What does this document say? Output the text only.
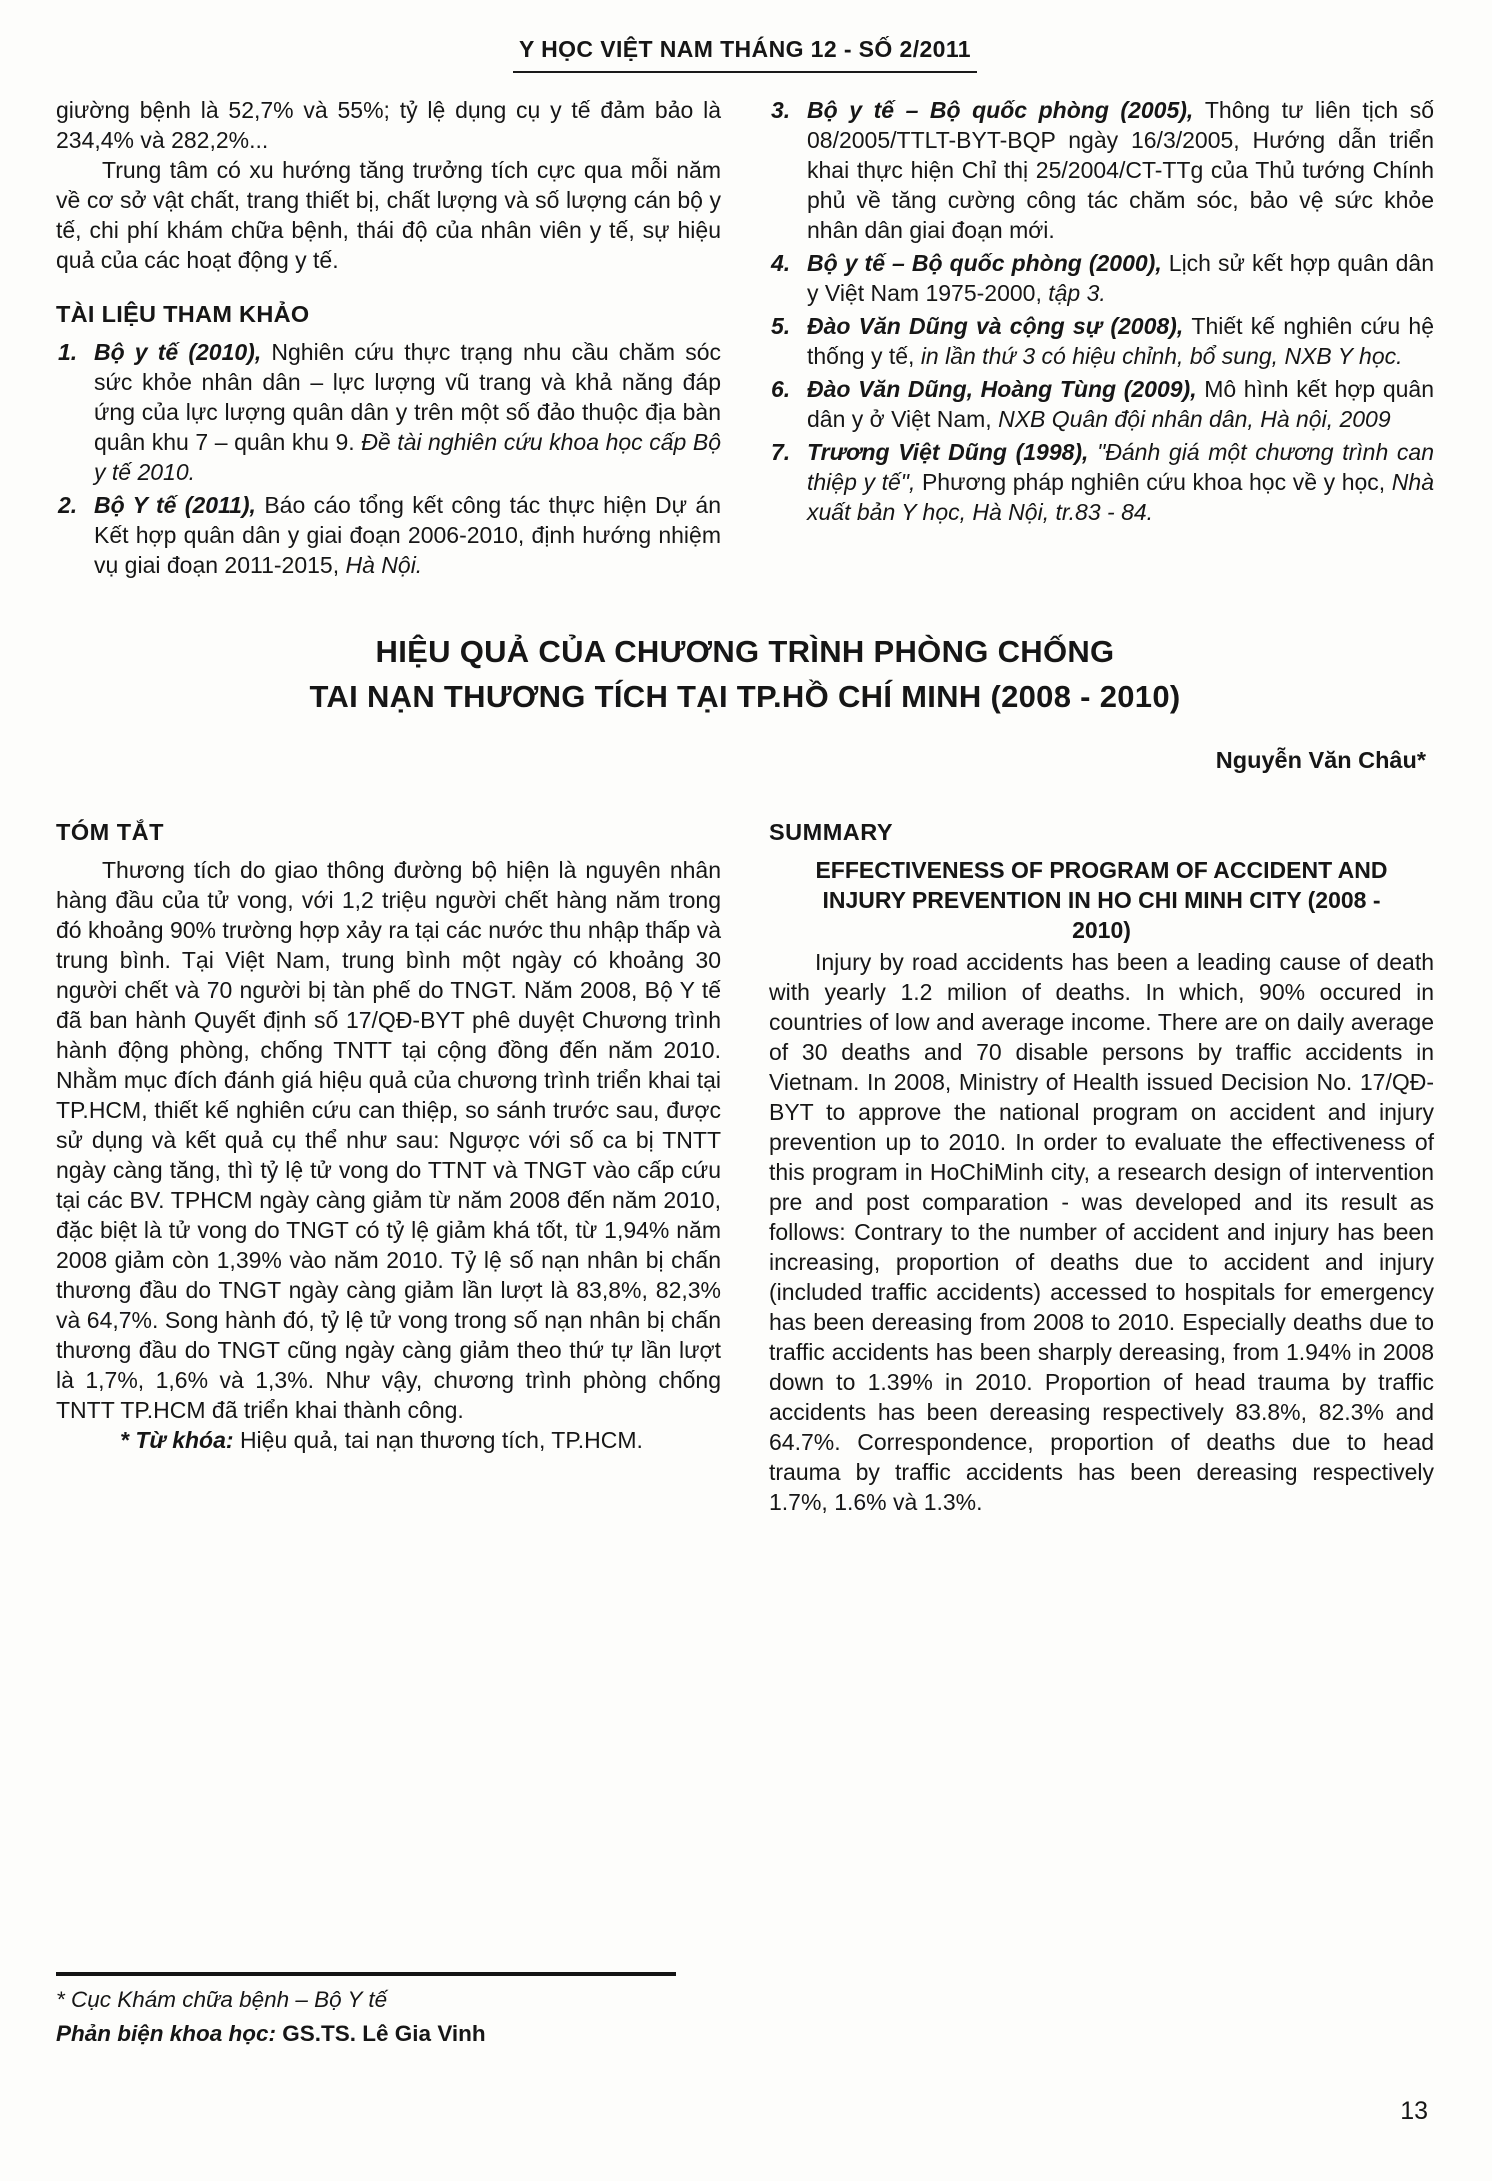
Y HỌC VIỆT NAM THÁNG 12 - SỐ 2/2011

giường bệnh là 52,7% và 55%; tỷ lệ dụng cụ y tế đảm bảo là 234,4% và 282,2%...

Trung tâm có xu hướng tăng trưởng tích cực qua mỗi năm về cơ sở vật chất, trang thiết bị, chất lượng và số lượng cán bộ y tế, chi phí khám chữa bệnh, thái độ của nhân viên y tế, sự hiệu quả của các hoạt động y tế.

TÀI LIỆU THAM KHẢO

1. Bộ y tế (2010), Nghiên cứu thực trạng nhu cầu chăm sóc sức khỏe nhân dân – lực lượng vũ trang và khả năng đáp ứng của lực lượng quân dân y trên một số đảo thuộc địa bàn quân khu 7 – quân khu 9. Đề tài nghiên cứu khoa học cấp Bộ y tế 2010.

2. Bộ Y tế (2011), Báo cáo tổng kết công tác thực hiện Dự án Kết hợp quân dân y giai đoạn 2006-2010, định hướng nhiệm vụ giai đoạn 2011-2015, Hà Nội.

3. Bộ y tế – Bộ quốc phòng (2005), Thông tư liên tịch số 08/2005/TTLT-BYT-BQP ngày 16/3/2005, Hướng dẫn triển khai thực hiện Chỉ thị 25/2004/CT-TTg của Thủ tướng Chính phủ về tăng cường công tác chăm sóc, bảo vệ sức khỏe nhân dân giai đoạn mới.

4. Bộ y tế – Bộ quốc phòng (2000), Lịch sử kết hợp quân dân y Việt Nam 1975-2000, tập 3.

5. Đào Văn Dũng và cộng sự (2008), Thiết kế nghiên cứu hệ thống y tế, in lần thứ 3 có hiệu chỉnh, bổ sung, NXB Y học.

6. Đào Văn Dũng, Hoàng Tùng (2009), Mô hình kết hợp quân dân y ở Việt Nam, NXB Quân đội nhân dân, Hà nội, 2009

7. Trương Việt Dũng (1998), "Đánh giá một chương trình can thiệp y tế", Phương pháp nghiên cứu khoa học về y học, Nhà xuất bản Y học, Hà Nội, tr.83 - 84.

HIỆU QUẢ CỦA CHƯƠNG TRÌNH PHÒNG CHỐNG
TAI NẠN THƯƠNG TÍCH TẠI TP.HỒ CHÍ MINH (2008 - 2010)
Nguyễn Văn Châu*
TÓM TẮT

Thương tích do giao thông đường bộ hiện là nguyên nhân hàng đầu của tử vong, với 1,2 triệu người chết hàng năm trong đó khoảng 90% trường hợp xảy ra tại các nước thu nhập thấp và trung bình. Tại Việt Nam, trung bình một ngày có khoảng 30 người chết và 70 người bị tàn phế do TNGT. Năm 2008, Bộ Y tế đã ban hành Quyết định số 17/QĐ-BYT phê duyệt Chương trình hành động phòng, chống TNTT tại cộng đồng đến năm 2010. Nhằm mục đích đánh giá hiệu quả của chương trình triển khai tại TP.HCM, thiết kế nghiên cứu can thiệp, so sánh trước sau, được sử dụng và kết quả cụ thể như sau: Ngược với số ca bị TNTT ngày càng tăng, thì tỷ lệ tử vong do TTNT và TNGT vào cấp cứu tại các BV. TPHCM ngày càng giảm từ năm 2008 đến năm 2010, đặc biệt là tử vong do TNGT có tỷ lệ giảm khá tốt, từ 1,94% năm 2008 giảm còn 1,39% vào năm 2010. Tỷ lệ số nạn nhân bị chấn thương đầu do TNGT ngày càng giảm lần lượt là 83,8%, 82,3% và 64,7%. Song hành đó, tỷ lệ tử vong trong số nạn nhân bị chấn thương đầu do TNGT cũng ngày càng giảm theo thứ tự lần lượt là 1,7%, 1,6% và 1,3%. Như vậy, chương trình phòng chống TNTT TP.HCM đã triển khai thành công.

* Từ khóa: Hiệu quả, tai nạn thương tích, TP.HCM.

SUMMARY
EFFECTIVENESS OF PROGRAM OF ACCIDENT AND INJURY PREVENTION IN HO CHI MINH CITY (2008 - 2010)

Injury by road accidents has been a leading cause of death with yearly 1.2 milion of deaths. In which, 90% occured in countries of low and average income. There are on daily average of 30 deaths and 70 disable persons by traffic accidents in Vietnam. In 2008, Ministry of Health issued Decision No. 17/QĐ-BYT to approve the national program on accident and injury prevention up to 2010. In order to evaluate the effectiveness of this program in HoChiMinh city, a research design of intervention pre and post comparation - was developed and its result as follows: Contrary to the number of accident and injury has been increasing, proportion of deaths due to accident and injury (included traffic accidents) accessed to hospitals for emergency has been dereasing from 2008 to 2010. Especially deaths due to traffic accidents has been sharply dereasing, from 1.94% in 2008 down to 1.39% in 2010. Proportion of head trauma by traffic accidents has been dereasing respectively 83.8%, 82.3% and 64.7%. Correspondence, proportion of deaths due to head trauma by traffic accidents has been dereasing respectively 1.7%, 1.6% và 1.3%.

* Cục Khám chữa bệnh – Bộ Y tế
Phản biện khoa học: GS.TS. Lê Gia Vinh
13
